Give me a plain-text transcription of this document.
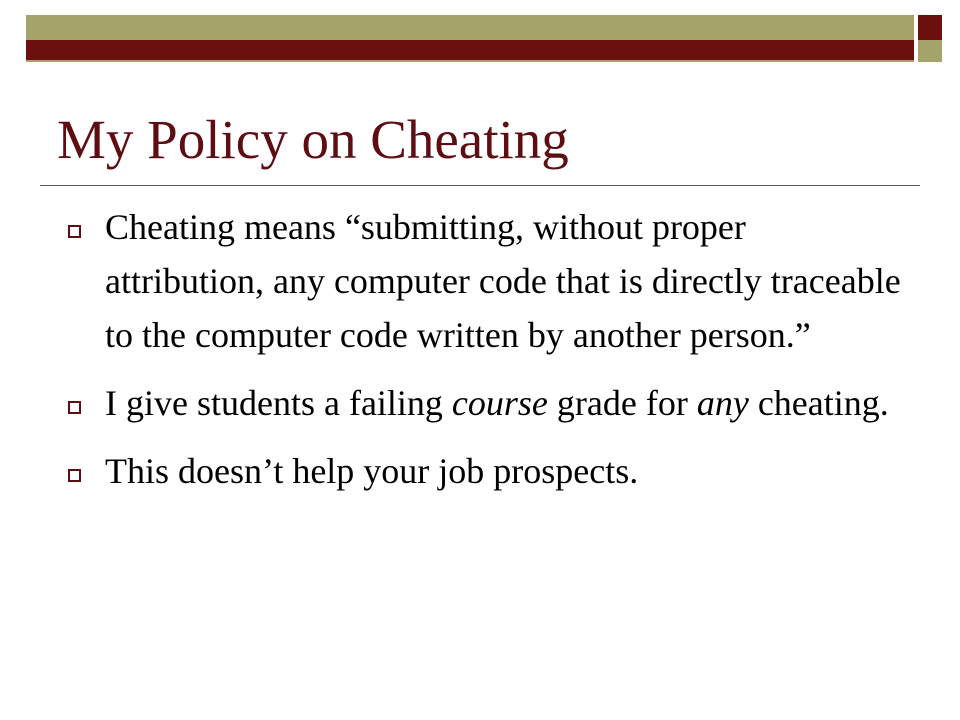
My Policy on Cheating
Cheating means “submitting, without proper attribution, any computer code that is directly traceable to the computer code written by another person.”
I give students a failing course grade for any cheating.
This doesn’t help your job prospects.
